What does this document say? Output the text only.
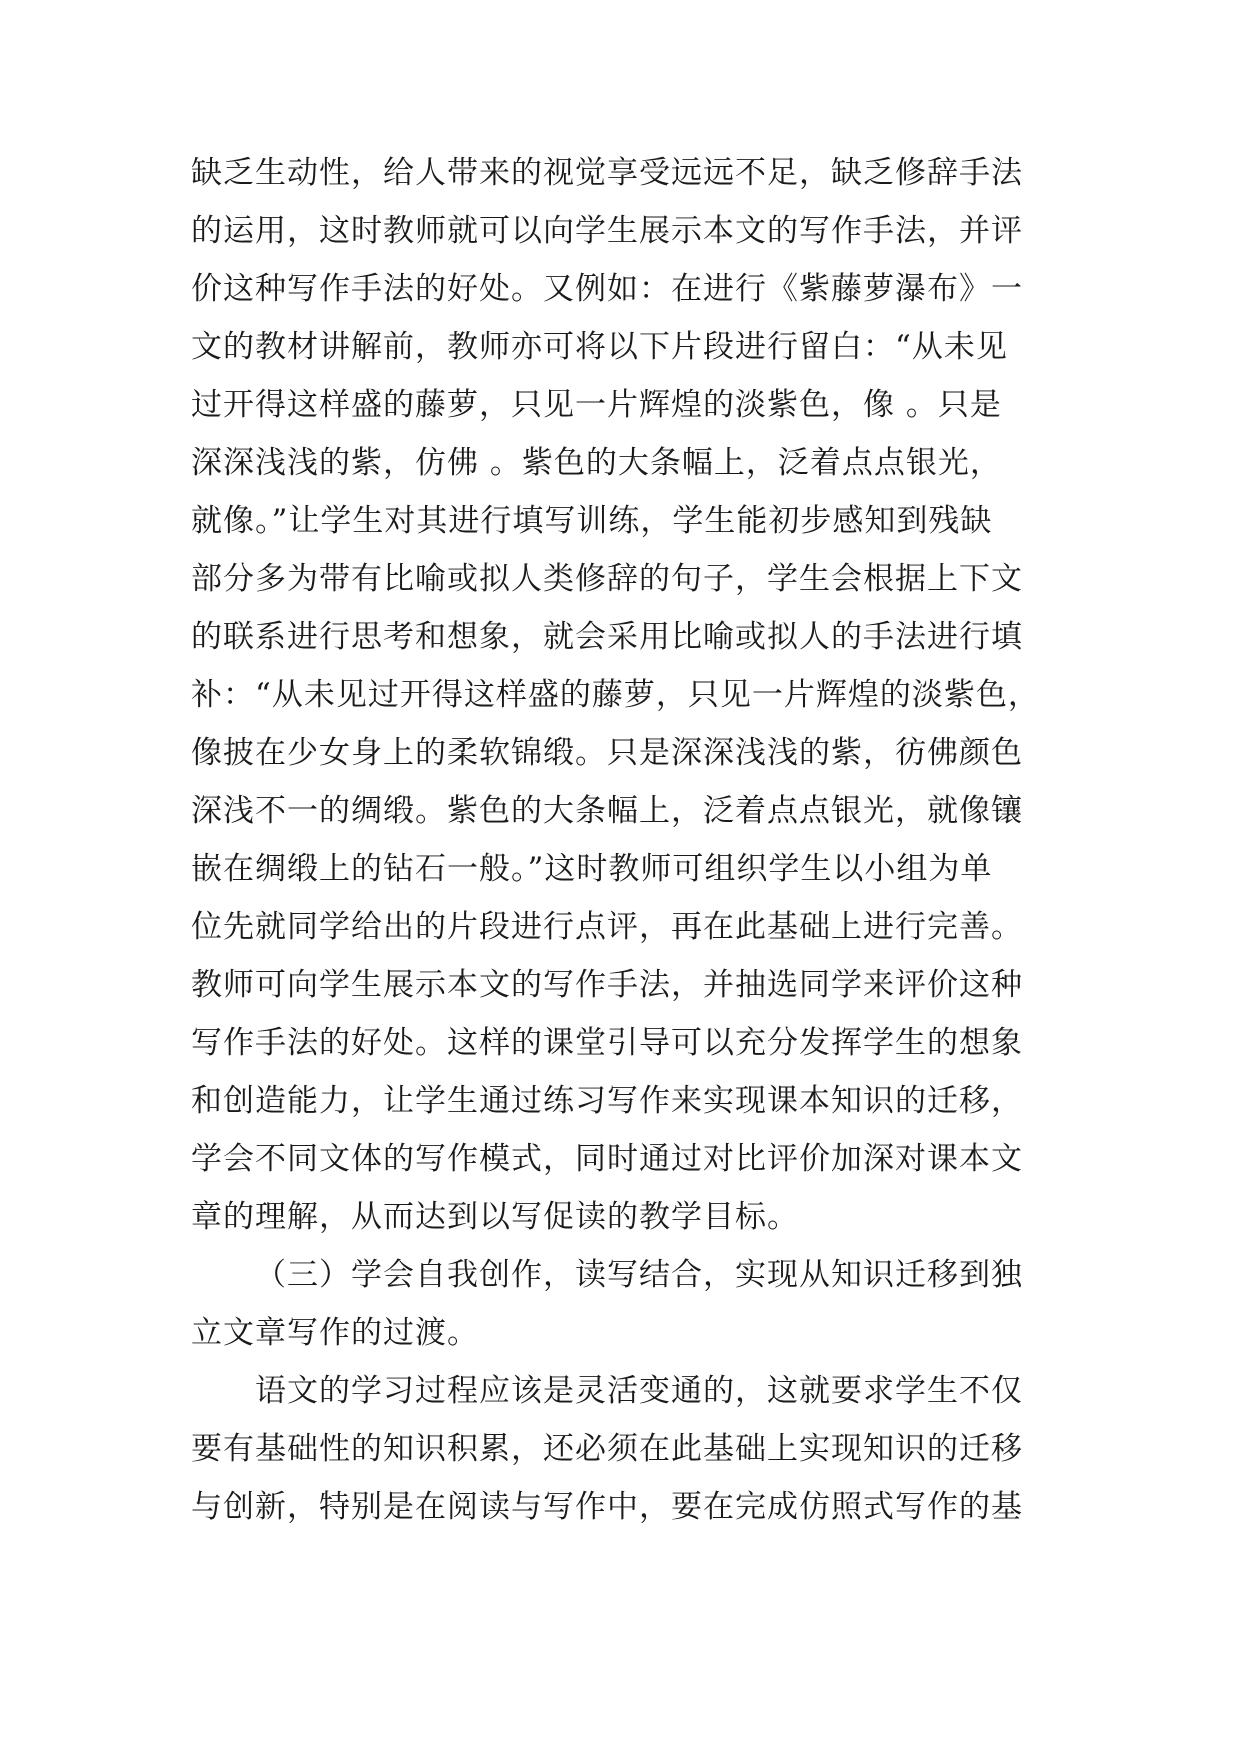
缺乏生动性，给人带来的视觉享受远远不足，缺乏修辞手法
的运用，这时教师就可以向学生展示本文的写作手法，并评
价这种写作手法的好处。又例如：在进行《紫藤萝瀑布》一
文的教材讲解前，教师亦可将以下片段进行留白：“从未见
过开得这样盛的藤萝，只见一片辉煌的淡紫色，像 。只是
深深浅浅的紫，仿佛 。紫色的大条幅上，泛着点点银光，
就像。”让学生对其进行填写训练，学生能初步感知到残缺
部分多为带有比喻或拟人类修辞的句子，学生会根据上下文
的联系进行思考和想象，就会采用比喻或拟人的手法进行填
补：“从未见过开得这样盛的藤萝，只见一片辉煌的淡紫色，
像披在少女身上的柔软锦缎。只是深深浅浅的紫，彷佛颜色
深浅不一的绸缎。紫色的大条幅上，泛着点点银光，就像镶
嵌在绸缎上的钻石一般。”这时教师可组织学生以小组为单
位先就同学给出的片段进行点评，再在此基础上进行完善。
教师可向学生展示本文的写作手法，并抽选同学来评价这种
写作手法的好处。这样的课堂引导可以充分发挥学生的想象
和创造能力，让学生通过练习写作来实现课本知识的迁移，
学会不同文体的写作模式，同时通过对比评价加深对课本文
章的理解，从而达到以写促读的教学目标。
（三）学会自我创作，读写结合，实现从知识迁移到独
立文章写作的过渡。
语文的学习过程应该是灵活变通的，这就要求学生不仅
要有基础性的知识积累，还必须在此基础上实现知识的迁移
与创新，特别是在阅读与写作中，要在完成仿照式写作的基
